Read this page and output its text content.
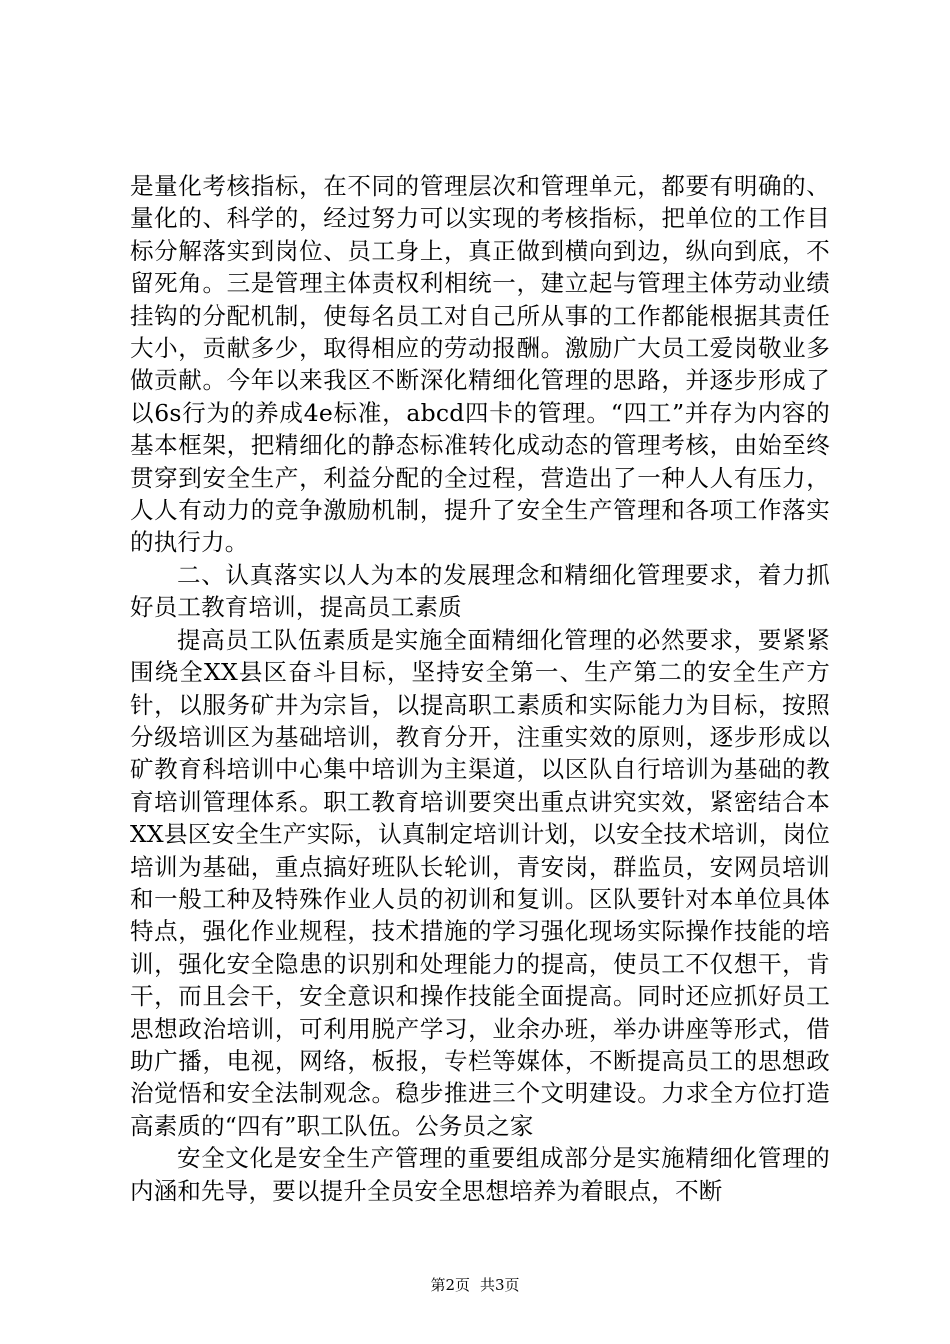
是量化考核指标，在不同的管理层次和管理单元，都要有明确的、量化的、科学的，经过努力可以实现的考核指标，把单位的工作目标分解落实到岗位、员工身上，真正做到横向到边，纵向到底，不留死角。三是管理主体责权利相统一，建立起与管理主体劳动业绩挂钩的分配机制，使每名员工对自己所从事的工作都能根据其责任大小，贡献多少，取得相应的劳动报酬。激励广大员工爱岗敬业多做贡献。今年以来我区不断深化精细化管理的思路，并逐步形成了以6s行为的养成4e标准，abcd四卡的管理。“四工”并存为内容的基本框架，把精细化的静态标准转化成动态的管理考核，由始至终贯穿到安全生产，利益分配的全过程，营造出了一种人人有压力，人人有动力的竞争激励机制，提升了安全生产管理和各项工作落实的执行力。

二、认真落实以人为本的发展理念和精细化管理要求，着力抓好员工教育培训，提高员工素质

提高员工队伍素质是实施全面精细化管理的必然要求，要紧紧围绕全XX县区奋斗目标，坚持安全第一、生产第二的安全生产方针，以服务矿井为宗旨，以提高职工素质和实际能力为目标，按照分级培训区为基础培训，教育分开，注重实效的原则，逐步形成以矿教育科培训中心集中培训为主渠道，以区队自行培训为基础的教育培训管理体系。职工教育培训要突出重点讲究实效，紧密结合本XX县区安全生产实际，认真制定培训计划，以安全技术培训，岗位培训为基础，重点搞好班队长轮训，青安岗，群监员，安网员培训和一般工种及特殊作业人员的初训和复训。区队要针对本单位具体特点，强化作业规程，技术措施的学习强化现场实际操作技能的培训，强化安全隐患的识别和处理能力的提高，使员工不仅想干，肯干，而且会干，安全意识和操作技能全面提高。同时还应抓好员工思想政治培训，可利用脱产学习，业余办班，举办讲座等形式，借助广播，电视，网络，板报，专栏等媒体，不断提高员工的思想政治觉悟和安全法制观念。稳步推进三个文明建设。力求全方位打造高素质的“四有”职工队伍。公务员之家

安全文化是安全生产管理的重要组成部分是实施精细化管理的内涵和先导，要以提升全员安全思想培养为着眼点，不断

第2页 共3页
